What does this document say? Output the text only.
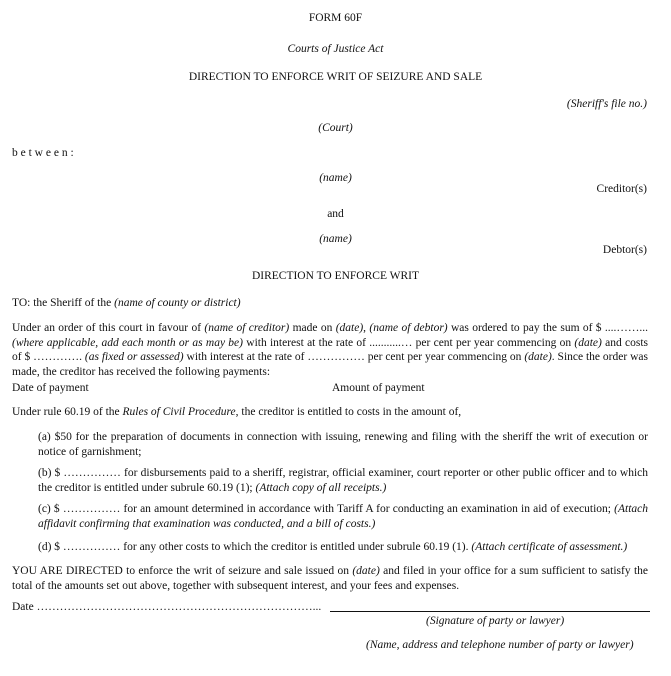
FORM 60F
Courts of Justice Act
DIRECTION TO ENFORCE WRIT OF SEIZURE AND SALE
(Sheriff's file no.)
(Court)
b e t w e e n :
(name)
Creditor(s)
and
(name)
Debtor(s)
DIRECTION TO ENFORCE WRIT
TO: the Sheriff of the (name of county or district)
Under an order of this court in favour of (name of creditor) made on (date), (name of debtor) was ordered to pay the sum of $ ....……... (where applicable, add each month or as may be) with interest at the rate of ...........… per cent per year commencing on (date) and costs of $ …………. (as fixed or assessed) with interest at the rate of …………… per cent per year commencing on (date). Since the order was made, the creditor has received the following payments:
Date of payment	Amount of payment
Under rule 60.19 of the Rules of Civil Procedure, the creditor is entitled to costs in the amount of,
(a) $50 for the preparation of documents in connection with issuing, renewing and filing with the sheriff the writ of execution or notice of garnishment;
(b) $ …………… for disbursements paid to a sheriff, registrar, official examiner, court reporter or other public officer and to which the creditor is entitled under subrule 60.19 (1); (Attach copy of all receipts.)
(c) $ …………… for an amount determined in accordance with Tariff A for conducting an examination in aid of execution; (Attach affidavit confirming that examination was conducted, and a bill of costs.)
(d) $ …………… for any other costs to which the creditor is entitled under subrule 60.19 (1). (Attach certificate of assessment.)
YOU ARE DIRECTED to enforce the writ of seizure and sale issued on (date) and filed in your office for a sum sufficient to satisfy the total of the amounts set out above, together with subsequent interest, and your fees and expenses.
Date ………………………………………………………………...
(Signature of party or lawyer)
(Name, address and telephone number of party or lawyer)
